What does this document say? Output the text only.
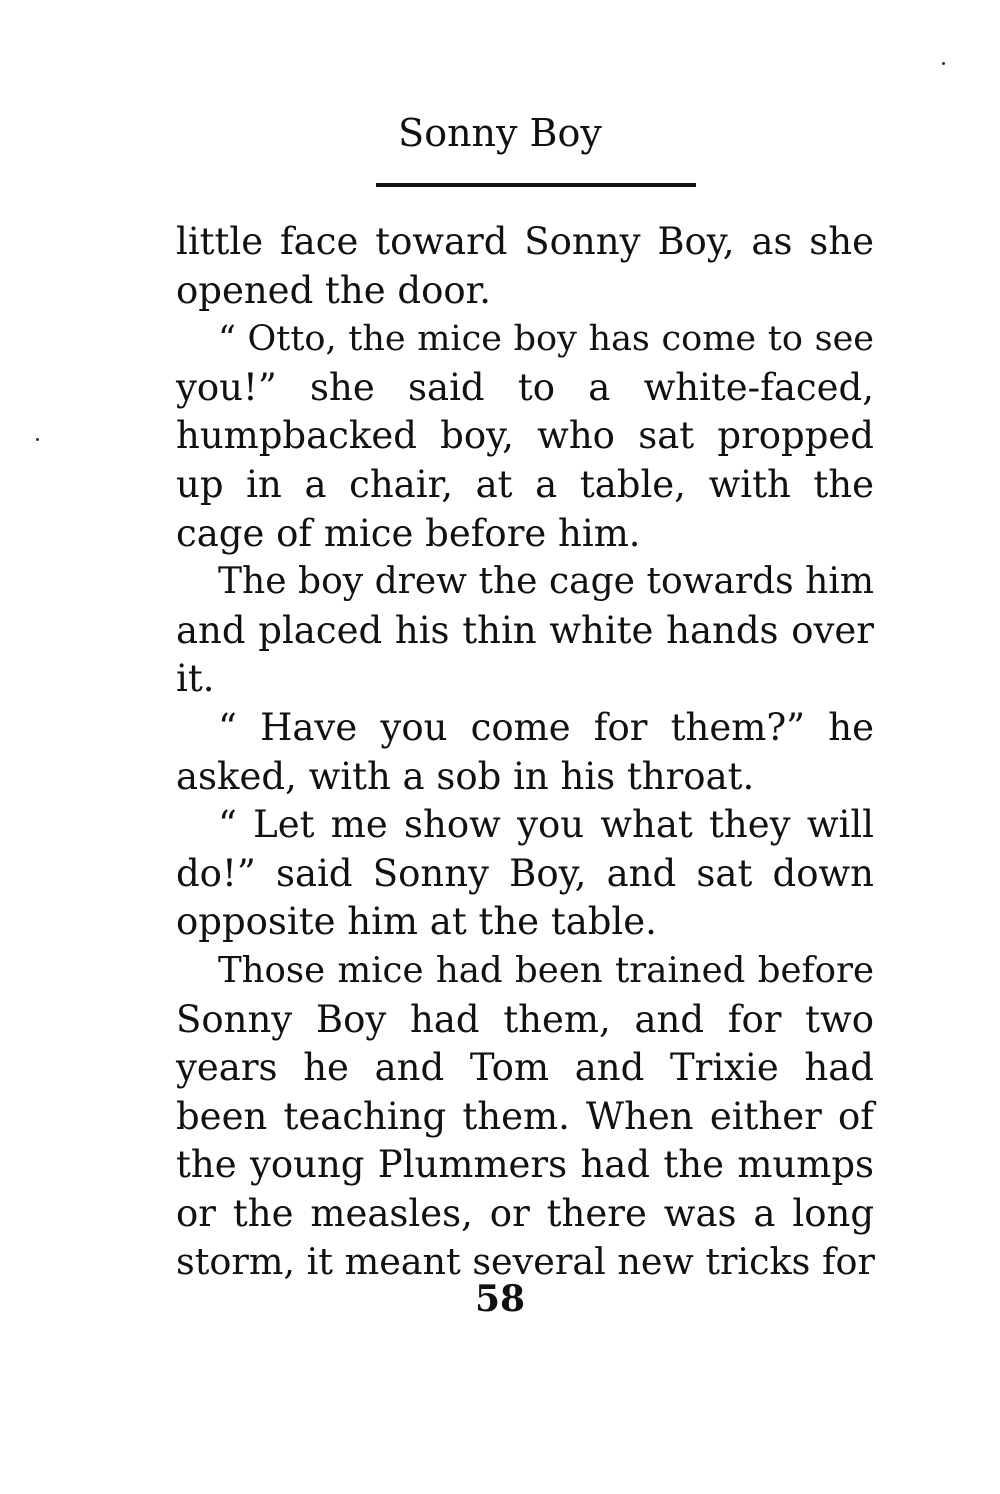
Sonny Boy
little face toward Sonny Boy, as she
opened the door.
“ Otto, the mice boy has come to see
you!” she said to a white-faced,
humpbacked boy, who sat propped
up in a chair, at a table, with the
cage of mice before him.
The boy drew the cage towards him
and placed his thin white hands over
it.
“ Have you come for them?” he
asked, with a sob in his throat.
“ Let me show you what they will
do!” said Sonny Boy, and sat down
opposite him at the table.
Those mice had been trained before
Sonny Boy had them, and for two
years he and Tom and Trixie had
been teaching them. When either of
the young Plummers had the mumps
or the measles, or there was a long
storm, it meant several new tricks for
58
